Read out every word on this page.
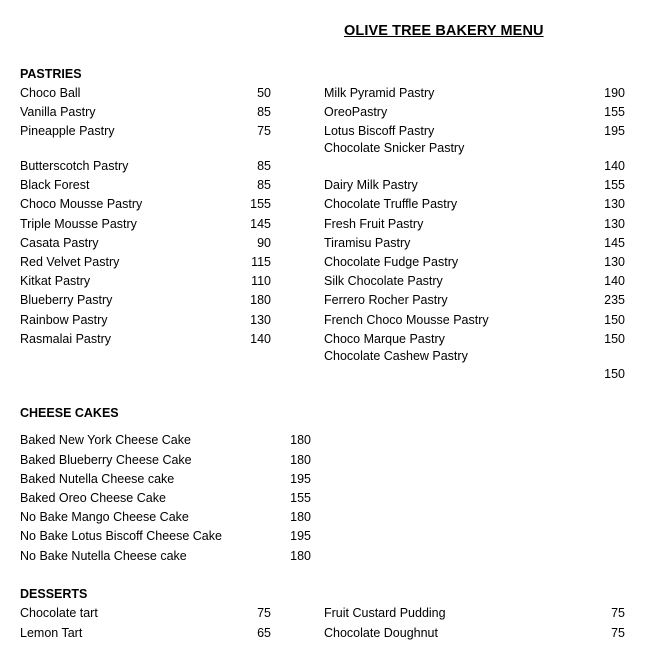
OLIVE TREE BAKERY MENU
PASTRIES
Choco Ball	50
Vanilla Pastry	85
Pineapple Pastry	75
Butterscotch Pastry	85
Black Forest	85
Choco Mousse Pastry	155
Triple Mousse Pastry	145
Casata Pastry	90
Red Velvet Pastry	115
Kitkat Pastry	110
Blueberry Pastry	180
Rainbow Pastry	130
Rasmalai Pastry	140
Milk Pyramid Pastry	190
OreoPastry	155
Lotus Biscoff Pastry	195
Chocolate Snicker Pastry
140
Dairy Milk Pastry	155
Chocolate Truffle Pastry	130
Fresh Fruit Pastry	130
Tiramisu Pastry	145
Chocolate Fudge Pastry	130
Silk Chocolate Pastry	140
Ferrero Rocher Pastry	235
French Choco Mousse Pastry	150
Choco Marque Pastry	150
Chocolate Cashew Pastry
150
CHEESE CAKES
Baked New York Cheese Cake	180
Baked Blueberry Cheese Cake	180
Baked Nutella Cheese cake	195
Baked Oreo Cheese Cake	155
No Bake Mango Cheese Cake	180
No Bake Lotus Biscoff Cheese Cake	195
No Bake Nutella Cheese cake	180
DESSERTS
Chocolate tart	75
Lemon Tart	65
Fruit Custard Pudding	75
Chocolate Doughnut	75
